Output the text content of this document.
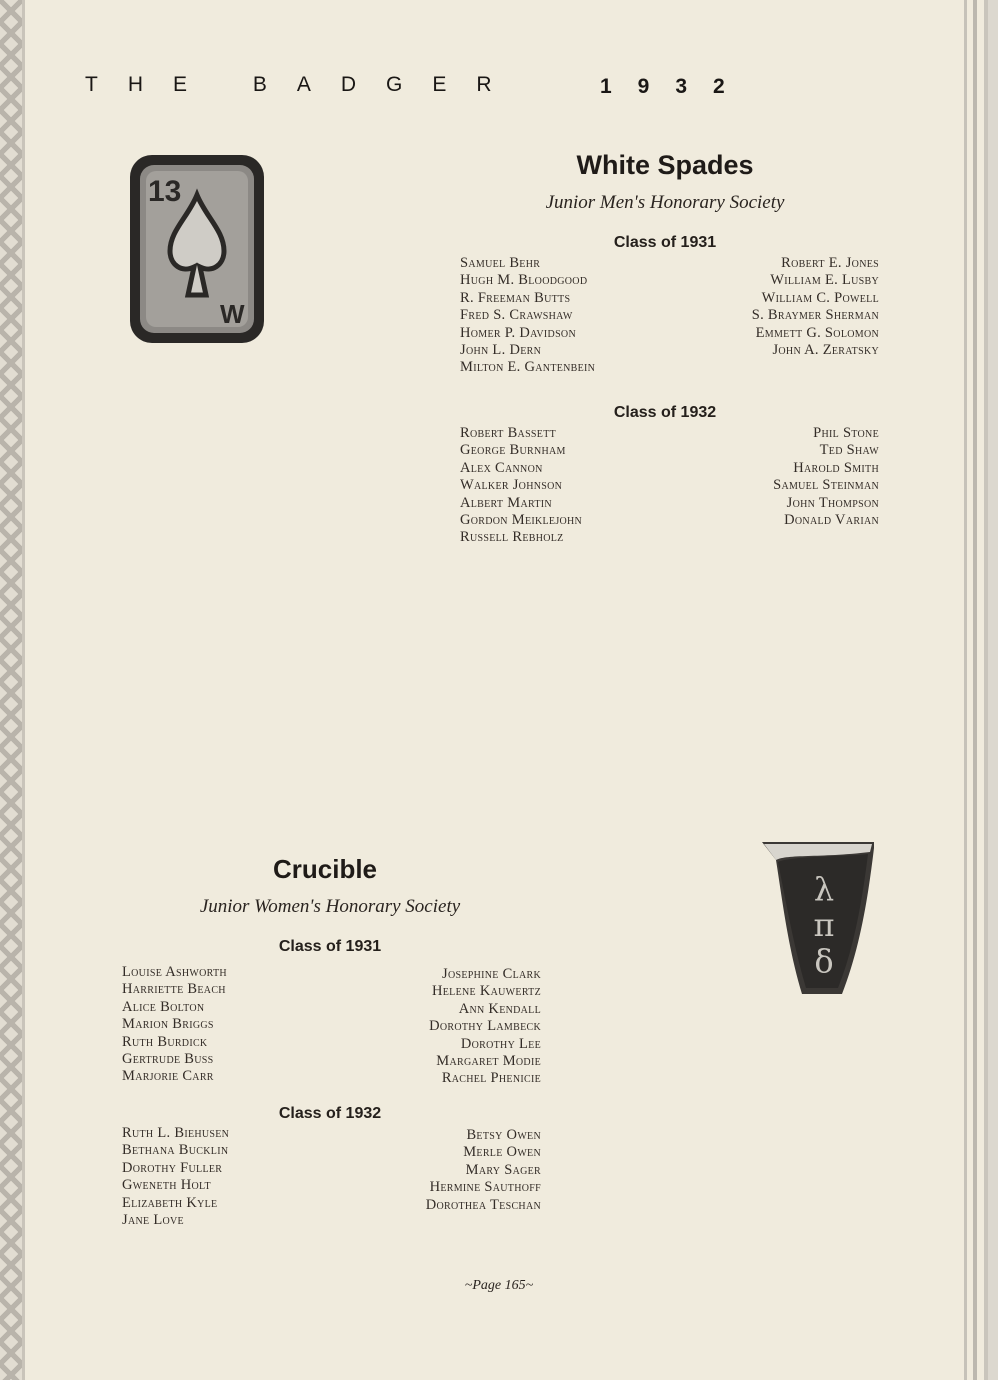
THE BADGER	1932
13
W
White Spades
Junior Men's Honorary Society
Class of 1931
Samuel Behr
Hugh M. Bloodgood
R. Freeman Butts
Fred S. Crawshaw
Homer P. Davidson
John L. Dern
Milton E. Gantenbein
Robert E. Jones
William E. Lusby
William C. Powell
S. Braymer Sherman
Emmett G. Solomon
John A. Zeratsky
Class of 1932
Robert Bassett
George Burnham
Alex Cannon
Walker Johnson
Albert Martin
Gordon Meiklejohn
Russell Rebholz
Phil Stone
Ted Shaw
Harold Smith
Samuel Steinman
John Thompson
Donald Varian
Crucible
Junior Women's Honorary Society	λ
π
δ
Class of 1931
Louise Ashworth
Harriette Beach
Alice Bolton
Marion Briggs
Ruth Burdick
Gertrude Buss
Marjorie Carr
Josephine Clark
Helene Kauwertz
Ann Kendall
Dorothy Lambeck
Dorothy Lee
Margaret Modie
Rachel Phenicie
Class of 1932
Ruth L. Biehusen
Bethana Bucklin
Dorothy Fuller
Gweneth Holt
Elizabeth Kyle
Jane Love
Betsy Owen
Merle Owen
Mary Sager
Hermine Sauthoff
Dorothea Teschan
~Page 165~
